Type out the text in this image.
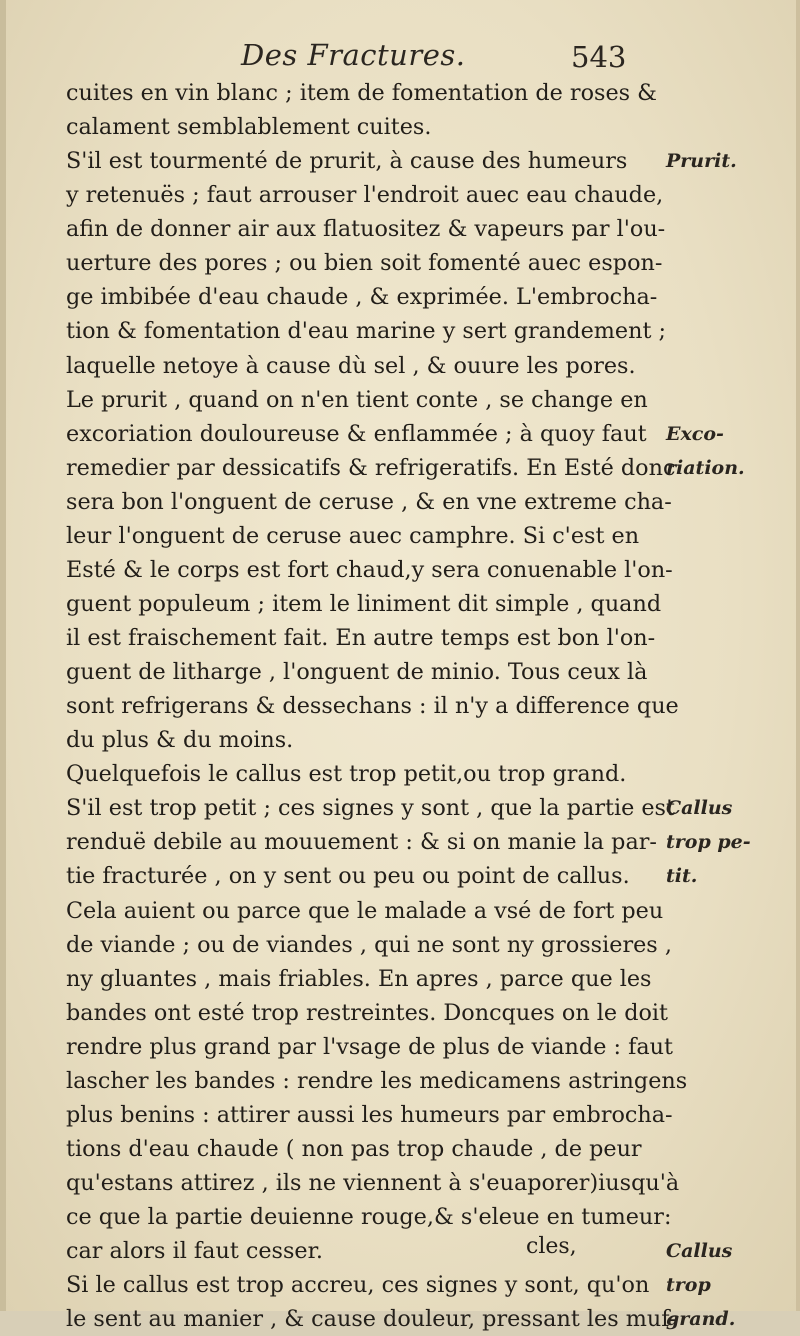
Des Fractures.	543
cuites en vin blanc ; item de fomentation de roses &
calament semblablement cuites.
S'il est tourmenté de prurit, à cause des humeurs
y retenuës ; faut arrouser l'endroit auec eau chaude,
afin de donner air aux flatuositez & vapeurs par l'ou-
uerture des pores ; ou bien soit fomenté auec espon-
ge imbibée d'eau chaude , & exprimée. L'embrocha-
tion & fomentation d'eau marine y sert grandement ;
laquelle netoye à cause dù sel , & ouure les pores.
Le prurit , quand on n'en tient conte , se change en
excoriation douloureuse & enflammée ; à quoy faut
remedier par dessicatifs & refrigeratifs. En Esté donc
sera bon l'onguent de ceruse , & en vne extreme cha-
leur l'onguent de ceruse auec camphre. Si c'est en
Esté & le corps est fort chaud,y sera conuenable l'on-
guent populeum ; item le liniment dit simple , quand
il est fraischement fait. En autre temps est bon l'on-
guent de litharge , l'onguent de minio. Tous ceux là
sont refrigerans & dessechans : il n'y a difference que
du plus & du moins.
Quelquefois le callus est trop petit,ou trop grand.
S'il est trop petit ; ces signes y sont , que la partie est
renduë debile au mouuement : & si on manie la par-
tie fracturée , on y sent ou peu ou point de callus.
Cela auient ou parce que le malade a vsé de fort peu
de viande ; ou de viandes , qui ne sont ny grossieres ,
ny gluantes , mais friables. En apres , parce que les
bandes ont esté trop restreintes. Doncques on le doit
rendre plus grand par l'vsage de plus de viande : faut
lascher les bandes : rendre les medicamens astringens
plus benins : attirer aussi les humeurs par embrocha-
tions d'eau chaude ( non pas trop chaude , de peur
qu'estans attirez , ils ne viennent à s'euaporer)iusqu'à
ce que la partie deuienne rouge,& s'eleue en tumeur:
car alors il faut cesser.
Si le callus est trop accreu, ces signes y sont, qu'on
le sent au manier , & cause douleur, pressant les muf-

Prurit.

Exco-
riation.

Callus
trop pe-
tit.

Callus
trop
grand.
cles,
